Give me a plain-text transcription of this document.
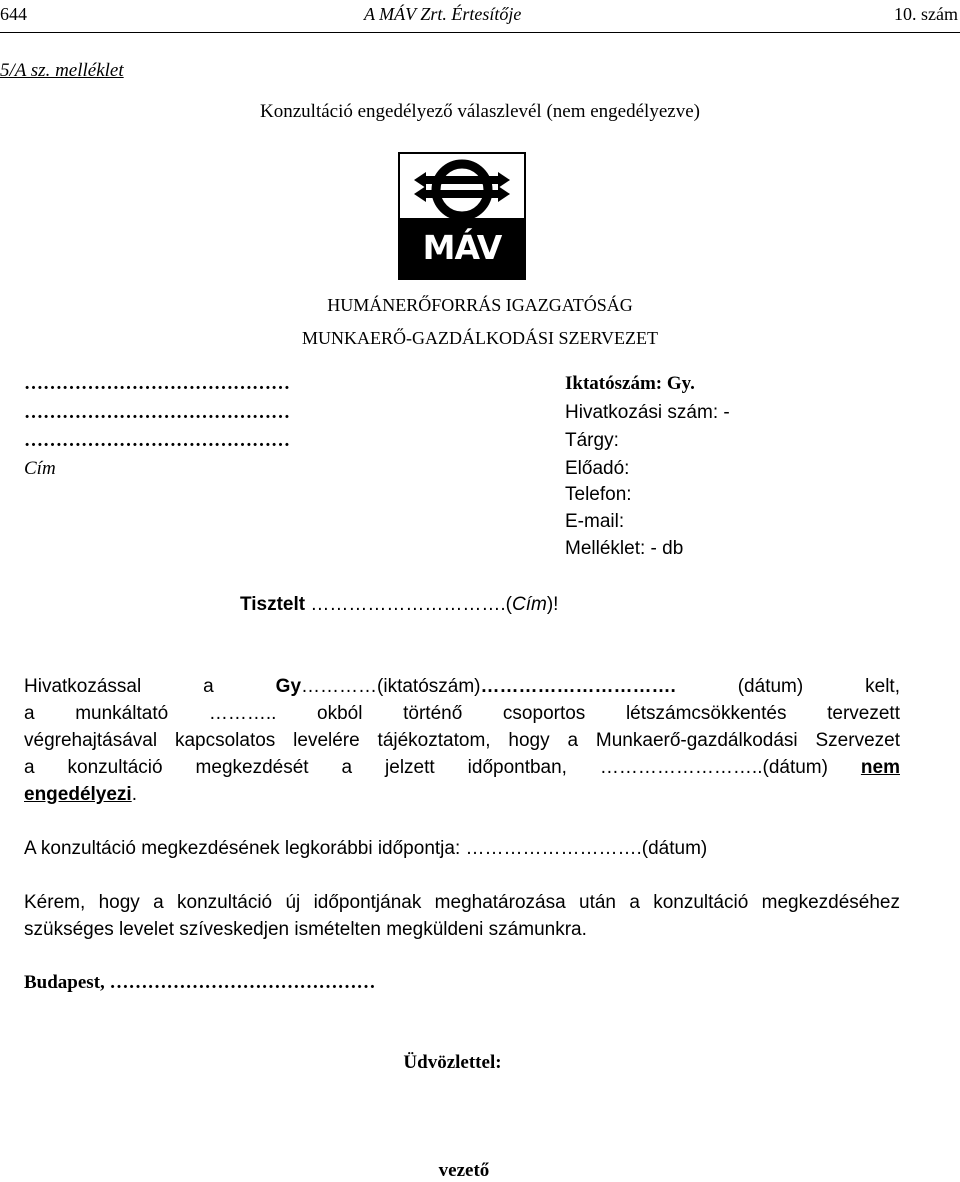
644	A MÁV Zrt. Értesítője	10. szám
5/A sz. melléklet
Konzultáció engedélyező válaszlevél (nem engedélyezve)
MÁV
HUMÁNERŐFORRÁS IGAZGATÓSÁG
MUNKAERŐ-GAZDÁLKODÁSI SZERVEZET
……………………………………
……………………………………
……………………………………
Cím
Iktatószám: Gy.
Hivatkozási szám: -
Tárgy:
Előadó:
Telefon:
E-mail:
Melléklet: - db
Tisztelt ………………………….(Cím)!
Hivatkozással a Gy…………(iktatószám)…………………………. (dátum) kelt,
a munkáltató ……….. okból történő csoportos létszámcsökkentés tervezett
végrehajtásával kapcsolatos levelére tájékoztatom, hogy a Munkaerő-gazdálkodási Szervezet
a konzultáció megkezdését a jelzett időpontban, ……………………..(dátum) nem
engedélyezi.
A konzultáció megkezdésének legkorábbi időpontja: ……………………….(dátum)
Kérem, hogy a konzultáció új időpontjának meghatározása után a konzultáció megkezdéséhez
szükséges levelet szíveskedjen ismételten megküldeni számunkra.
Budapest, ……………………………………
Üdvözlettel:
vezető
